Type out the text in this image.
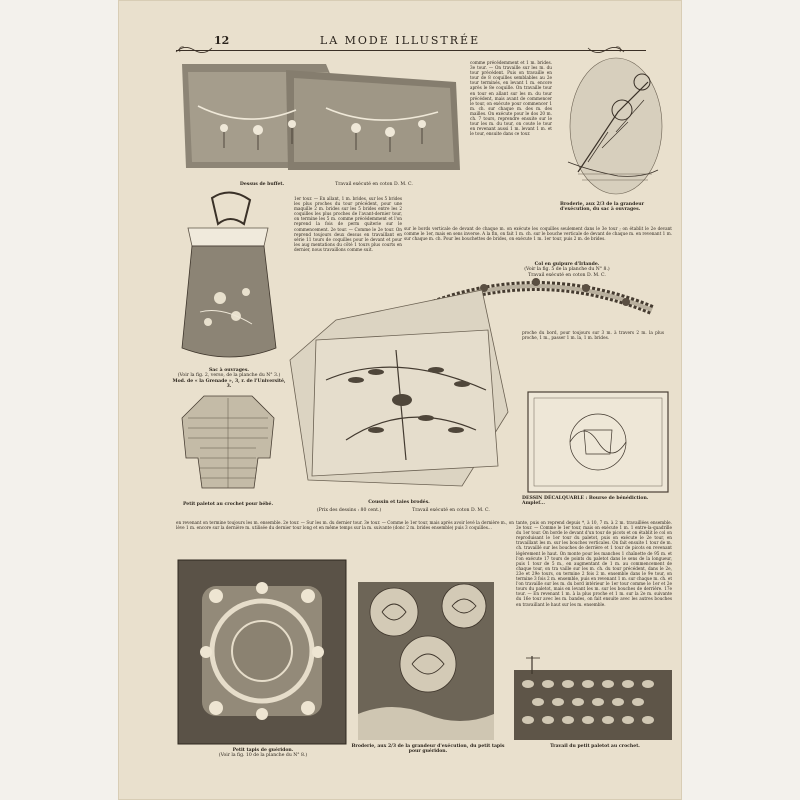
12	LA MODE ILLUSTRÉE
Dessus de buffet.	Travail exécuté en coton D. M. C.
comme précédemment et 1 m. brides. 3e tour. — On travaille sur les m. du tour précédent. Puis on travaille en tour de 8 coquilles semblables au 2e tour terminés, en levant 1 m. encore après le 8e coquille. On travaille tour en tour en allant sur les m. du tour précédent, mais avant de commencer le tour, on exécute pour commencer 1 m. ch. sur chaque m. des m. des mailles. On exécute pour le dos 20 m. ch. 7 tours, reprendre ensuite sur le tour les m. du tour, on coute le tour en revenant aussi 1 m. levant 1 m. et le tour, ensuite dans ce tour.
Broderie, aux 2/3 de la grandeur d'exécution, du sac à ouvrages.
Sac à ouvrages.
(Voir la fig. 2, verso, de la planche du N° 3.)
Mod. de « la Grenade », 3, r. de l'Université, 3.
1er tour. — En allant, 1 m. brides, sur les 5 brides les plus proches du tour précédent, pour une maquille 2 m. brides sur les 5 brides entre les 2 coquilles les plus proches de l'avant-dernier tour, on termine les 5 m. comme précédemment et l'on reprend la fois de perm quiterie sur le commencement. 2e tour. — Comme le 2e tour. On reprend toujours deux dessus en travaillant en série 11 tours de coquilles pour le devant et pour les aug mentations du côté 1 tours plus courts en dernier, nous travaillons comme suit.
sur le bords verticale de devant de chaque m. on exécute les coquilles seulement dans le 3e tour ; on établit le 2e devant comme le 1er, mais en sens inverse. A la fin, on fait 1 m. ch. sur le bouche verticale de devant de chaque m. en revenant 1 m. sur chaque m. ch. Pour les bouchettes de brides, on exécute 1 m. 1er tour, puis 2 m. de brides.
Col en guipure d'Irlande.
(Voir la fig. 5 de la planche du N° 8.)
Travail exécuté en coton D. M. C.
proche du bord, pour toujours sur 3 m. à travers 2 m. la plus proche, 1 m., passer 1 m. la, 1 m. brides.
Coussin et taies brodés.
(Prix des dessins : 80 cent.)	Travail exécuté en coton D. M. C.
Petit paletot au crochet pour bébé.
DESSIN DÉCALQUABLE : Bourse de bénédiction. Amplef...
en revenant on termine toujours les m. ensemble. 2e tour. — Sur les m. du dernier tour. 3e tour. — Comme le 1er tour, mais après avoir levé la dernière m., on lève 1 m. encore sur la dernière m. utilisée du dernier tour long et en même temps sur la m. suivante (donc 2 m. brides ensemble) puis 3 coquilles...
tante, puis on reprend depuis *, à 10, 7 m. à 2 m. travaillées ensemble. 2e tour. — Comme le 1er tour, mais on exécute 1 m. 1 entre-la-quadrille du 1er tour. On borde le devant d'un tour de picots et on établit le col on reproduisant le 1er tour du paletot, puis on exécute le 2e tour, en travaillant les m. sur les bouches verticales. On fait ensuite 1 tour de m. ch. travaillé sur les bouches de derrière et 1 tour de picots en revenant légèrement le haut. On monte pour les manches 1 chaînette de 95 m. et l'on exécute 17 tours de points du paletot dans le sens de la longueur, puis 1 tour de 5 m., en augmentant de 1 m. au commencement de chaque tour, on tra vaille sur les m. ch. du tour précédent, dans le 2e, 23e et 29e tours, on termine 2 fois 2 m. ensemble dans le 9e tour, on termine 3 fois 2 m. ensemble, puis en revenant 1 m. sur chaque m. ch. et l'on travaille sur les m. du bord intérieur le 1er tour comme le 1er et 2e tours du paletot, mais en levant les m. sur les bouches de derrière. 17e tour. — En revenant 1 m. à la plus proche et 1 m. sur la 2e m. suivante du 16e tour avec les m. bandes, on fait ensuite avec les autres bouches en travaillant le haut sur les m. ensemble.
Petit tapis de guéridon.
(Voir la fig. 10 de la planche du N° 8.)
Broderie, aux 2/3 de la grandeur d'exécution, du petit tapis pour guéridon.
Travail du petit paletot au crochet.
